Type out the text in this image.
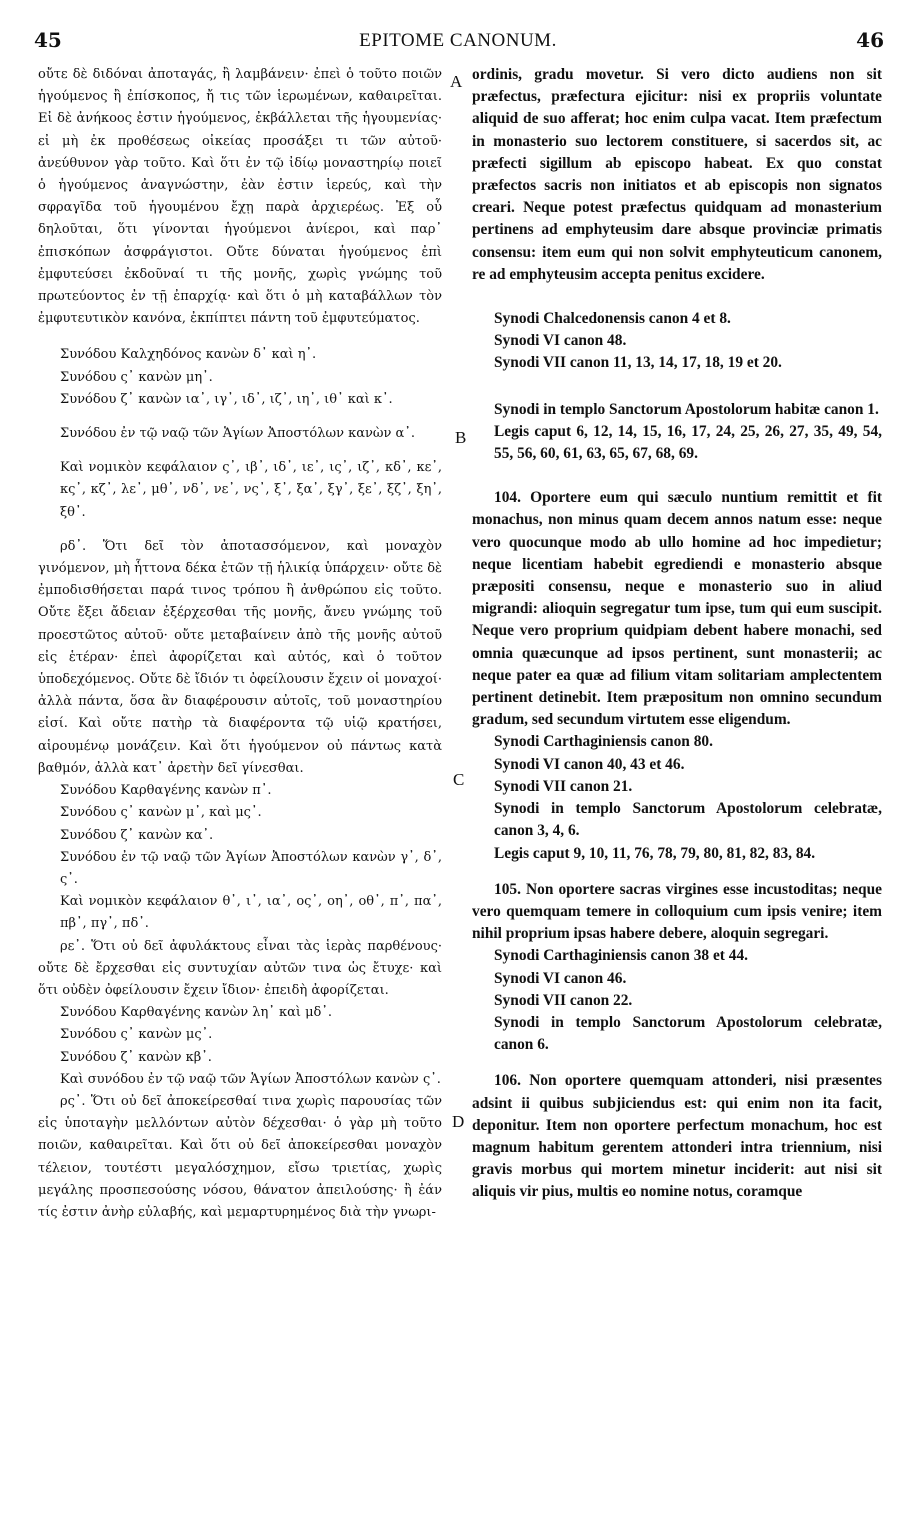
45	EPITOME CANONUM.	46

οὔτε δὲ διδόναι ἀποταγάς, ἢ λαμβάνειν· ἐπεὶ ὁ τοῦτο ποιῶν ἡγούμενος ἢ ἐπίσκοπος, ἤ τις τῶν ἱερωμένων, καθαιρεῖται. Εἰ δὲ ἀνήκοος ἐστιν ἡγούμενος, ἐκβάλλεται τῆς ἡγουμενίας· εἰ μὴ ἐκ προθέσεως οἰκείας προσάξει τι τῶν αὐτοῦ· ἀνεύθυνον γὰρ τοῦτο. Καὶ ὅτι ἐν τῷ ἰδίῳ μοναστηρίῳ ποιεῖ ὁ ἡγούμενος ἀναγνώστην, ἐὰν ἐστιν ἱερεύς, καὶ τὴν σφραγῖδα τοῦ ἡγουμένου ἔχῃ παρὰ ἀρχιερέως. Ἐξ οὗ δηλοῦται, ὅτι γίνονται ἡγούμενοι ἀνίεροι, καὶ παρ᾽ ἐπισκόπων ἀσφράγιστοι. Οὔτε δύναται ἡγούμενος ἐπὶ ἐμφυτεύσει ἐκδοῦναί τι τῆς μονῆς, χωρὶς γνώμης τοῦ πρωτεύοντος ἐν τῇ ἐπαρχίᾳ· καὶ ὅτι ὁ μὴ καταβάλλων τὸν ἐμφυτευτικὸν κανόνα, ἐκπίπτει πάντη τοῦ ἐμφυτεύματος.

Συνόδου Καλχηδόνος κανὼν δ᾽ καὶ η᾽.

Συνόδου ς᾽ κανὼν μη᾽.

Συνόδου ζ᾽ κανὼν ια᾽, ιγ᾽, ιδ᾽, ιζ᾽, ιη᾽, ιθ᾽ καὶ κ᾽.

Συνόδου ἐν τῷ ναῷ τῶν Ἁγίων Ἀποστόλων κανὼν α᾽.

Καὶ νομικὸν κεφάλαιον ς᾽, ιβ᾽, ιδ᾽, ιε᾽, ις᾽, ιζ᾽, κδ᾽, κε᾽, κς᾽, κζ᾽, λε᾽, μθ᾽, νδ᾽, νε᾽, νς᾽, ξ᾽, ξα᾽, ξγ᾽, ξε᾽, ξζ᾽, ξη᾽, ξθ᾽.

ρδ᾽. Ὅτι δεῖ τὸν ἀποτασσόμενον, καὶ μοναχὸν γινόμενον, μὴ ἧττονα δέκα ἐτῶν τῇ ἡλικίᾳ ὑπάρχειν· οὔτε δὲ ἐμποδισθήσεται παρά τινος τρόπου ἢ ἀνθρώπου εἰς τοῦτο. Οὔτε ἔξει ἄδειαν ἐξέρχεσθαι τῆς μονῆς, ἄνευ γνώμης τοῦ προεστῶτος αὐτοῦ· οὔτε μεταβαίνειν ἀπὸ τῆς μονῆς αὐτοῦ εἰς ἑτέραν· ἐπεὶ ἀφορίζεται καὶ αὐτός, καὶ ὁ τοῦτον ὑποδεχόμενος. Οὔτε δὲ ἴδιόν τι ὀφείλουσιν ἔχειν οἱ μοναχοί· ἀλλὰ πάντα, ὅσα ἂν διαφέρουσιν αὐτοῖς, τοῦ μοναστηρίου εἰσί. Καὶ οὔτε πατὴρ τὰ διαφέροντα τῷ υἱῷ κρατήσει, αἱρουμένῳ μονάζειν. Καὶ ὅτι ἡγούμενον οὐ πάντως κατὰ βαθμόν, ἀλλὰ κατ᾽ ἀρετὴν δεῖ γίνεσθαι.

Συνόδου Καρθαγένης κανὼν π᾽.

Συνόδου ς᾽ κανὼν μ᾽, καὶ μς᾽.

Συνόδου ζ᾽ κανὼν κα᾽.

Συνόδου ἐν τῷ ναῷ τῶν Ἁγίων Ἀποστόλων κανὼν γ᾽, δ᾽, ς᾽.

Καὶ νομικὸν κεφάλαιον θ᾽, ι᾽, ια᾽, ος᾽, οη᾽, οθ᾽, π᾽, πα᾽, πβ᾽, πγ᾽, πδ᾽.

ρε᾽. Ὅτι οὐ δεῖ ἀφυλάκτους εἶναι τὰς ἱερὰς παρθένους· οὔτε δὲ ἔρχεσθαι εἰς συντυχίαν αὐτῶν τινα ὡς ἔτυχε· καὶ ὅτι οὐδὲν ὀφείλουσιν ἔχειν ἴδιον· ἐπειδὴ ἀφορίζεται.

Συνόδου Καρθαγένης κανὼν λη᾽ καὶ μδ᾽.

Συνόδου ς᾽ κανὼν μς᾽.

Συνόδου ζ᾽ κανὼν κβ᾽.

Καὶ συνόδου ἐν τῷ ναῷ τῶν Ἁγίων Ἀποστόλων κανὼν ς᾽.

ρς᾽. Ὅτι οὐ δεῖ ἀποκείρεσθαί τινα χωρὶς παρουσίας τῶν εἰς ὑποταγὴν μελλόντων αὐτὸν δέχεσθαι· ὁ γὰρ μὴ τοῦτο ποιῶν, καθαιρεῖται. Καὶ ὅτι οὐ δεῖ ἀποκείρεσθαι μοναχὸν τέλειον, τουτέστι μεγαλόσχημον, εἴσω τριετίας, χωρὶς μεγάλης προσπεσούσης νόσου, θάνατον ἀπειλούσης· ἢ ἐάν τίς ἐστιν ἀνὴρ εὐλαβής, καὶ μεμαρτυρημένος διὰ τὴν γνωρι-

A
B
C
D

ordinis, gradu movetur. Si vero dicto audiens non sit præfectus, præfectura ejicitur: nisi ex propriis voluntate aliquid de suo afferat; hoc enim culpa vacat. Item præfectum in monasterio suo lectorem constituere, si sacerdos sit, ac præfecti sigillum ab episcopo habeat. Ex quo constat præfectos sacris non initiatos et ab episcopis non signatos creari. Neque potest præfectus quidquam ad monasterium pertinens ad emphyteusim dare absque provinciæ primatis consensu: item eum qui non solvit emphyteuticum canonem, re ad emphyteusim accepta penitus excidere.

Synodi Chalcedonensis canon 4 et 8.

Synodi VI canon 48.

Synodi VII canon 11, 13, 14, 17, 18, 19 et 20.

Synodi in templo Sanctorum Apostolorum habitæ canon 1.

Legis caput 6, 12, 14, 15, 16, 17, 24, 25, 26, 27, 35, 49, 54, 55, 56, 60, 61, 63, 65, 67, 68, 69.

104. Oportere eum qui sæculo nuntium remittit et fit monachus, non minus quam decem annos natum esse: neque vero quocunque modo ab ullo homine ad hoc impedietur; neque licentiam habebit egrediendi e monasterio absque præpositi consensu, neque e monasterio suo in aliud migrandi: alioquin segregatur tum ipse, tum qui eum suscipit. Neque vero proprium quidpiam debent habere monachi, sed omnia quæcunque ad ipsos pertinent, sunt monasterii; ac neque pater ea quæ ad filium vitam solitariam amplectentem pertinent detinebit. Item præpositum non omnino secundum gradum, sed secundum virtutem esse eligendum.

Synodi Carthaginiensis canon 80.

Synodi VI canon 40, 43 et 46.

Synodi VII canon 21.

Synodi in templo Sanctorum Apostolorum celebratæ, canon 3, 4, 6.

Legis caput 9, 10, 11, 76, 78, 79, 80, 81, 82, 83, 84.

105. Non oportere sacras virgines esse incustoditas; neque vero quemquam temere in colloquium cum ipsis venire; item nihil proprium ipsas habere debere, aloquin segregari.

Synodi Carthaginiensis canon 38 et 44.

Synodi VI canon 46.

Synodi VII canon 22.

Synodi in templo Sanctorum Apostolorum celebratæ, canon 6.

106. Non oportere quemquam attonderi, nisi præsentes adsint ii quibus subjiciendus est: qui enim non ita facit, deponitur. Item non oportere perfectum monachum, hoc est magnum habitum gerentem attonderi intra triennium, nisi gravis morbus qui mortem minetur inciderit: aut nisi sit aliquis vir pius, multis eo nomine notus, coramque
